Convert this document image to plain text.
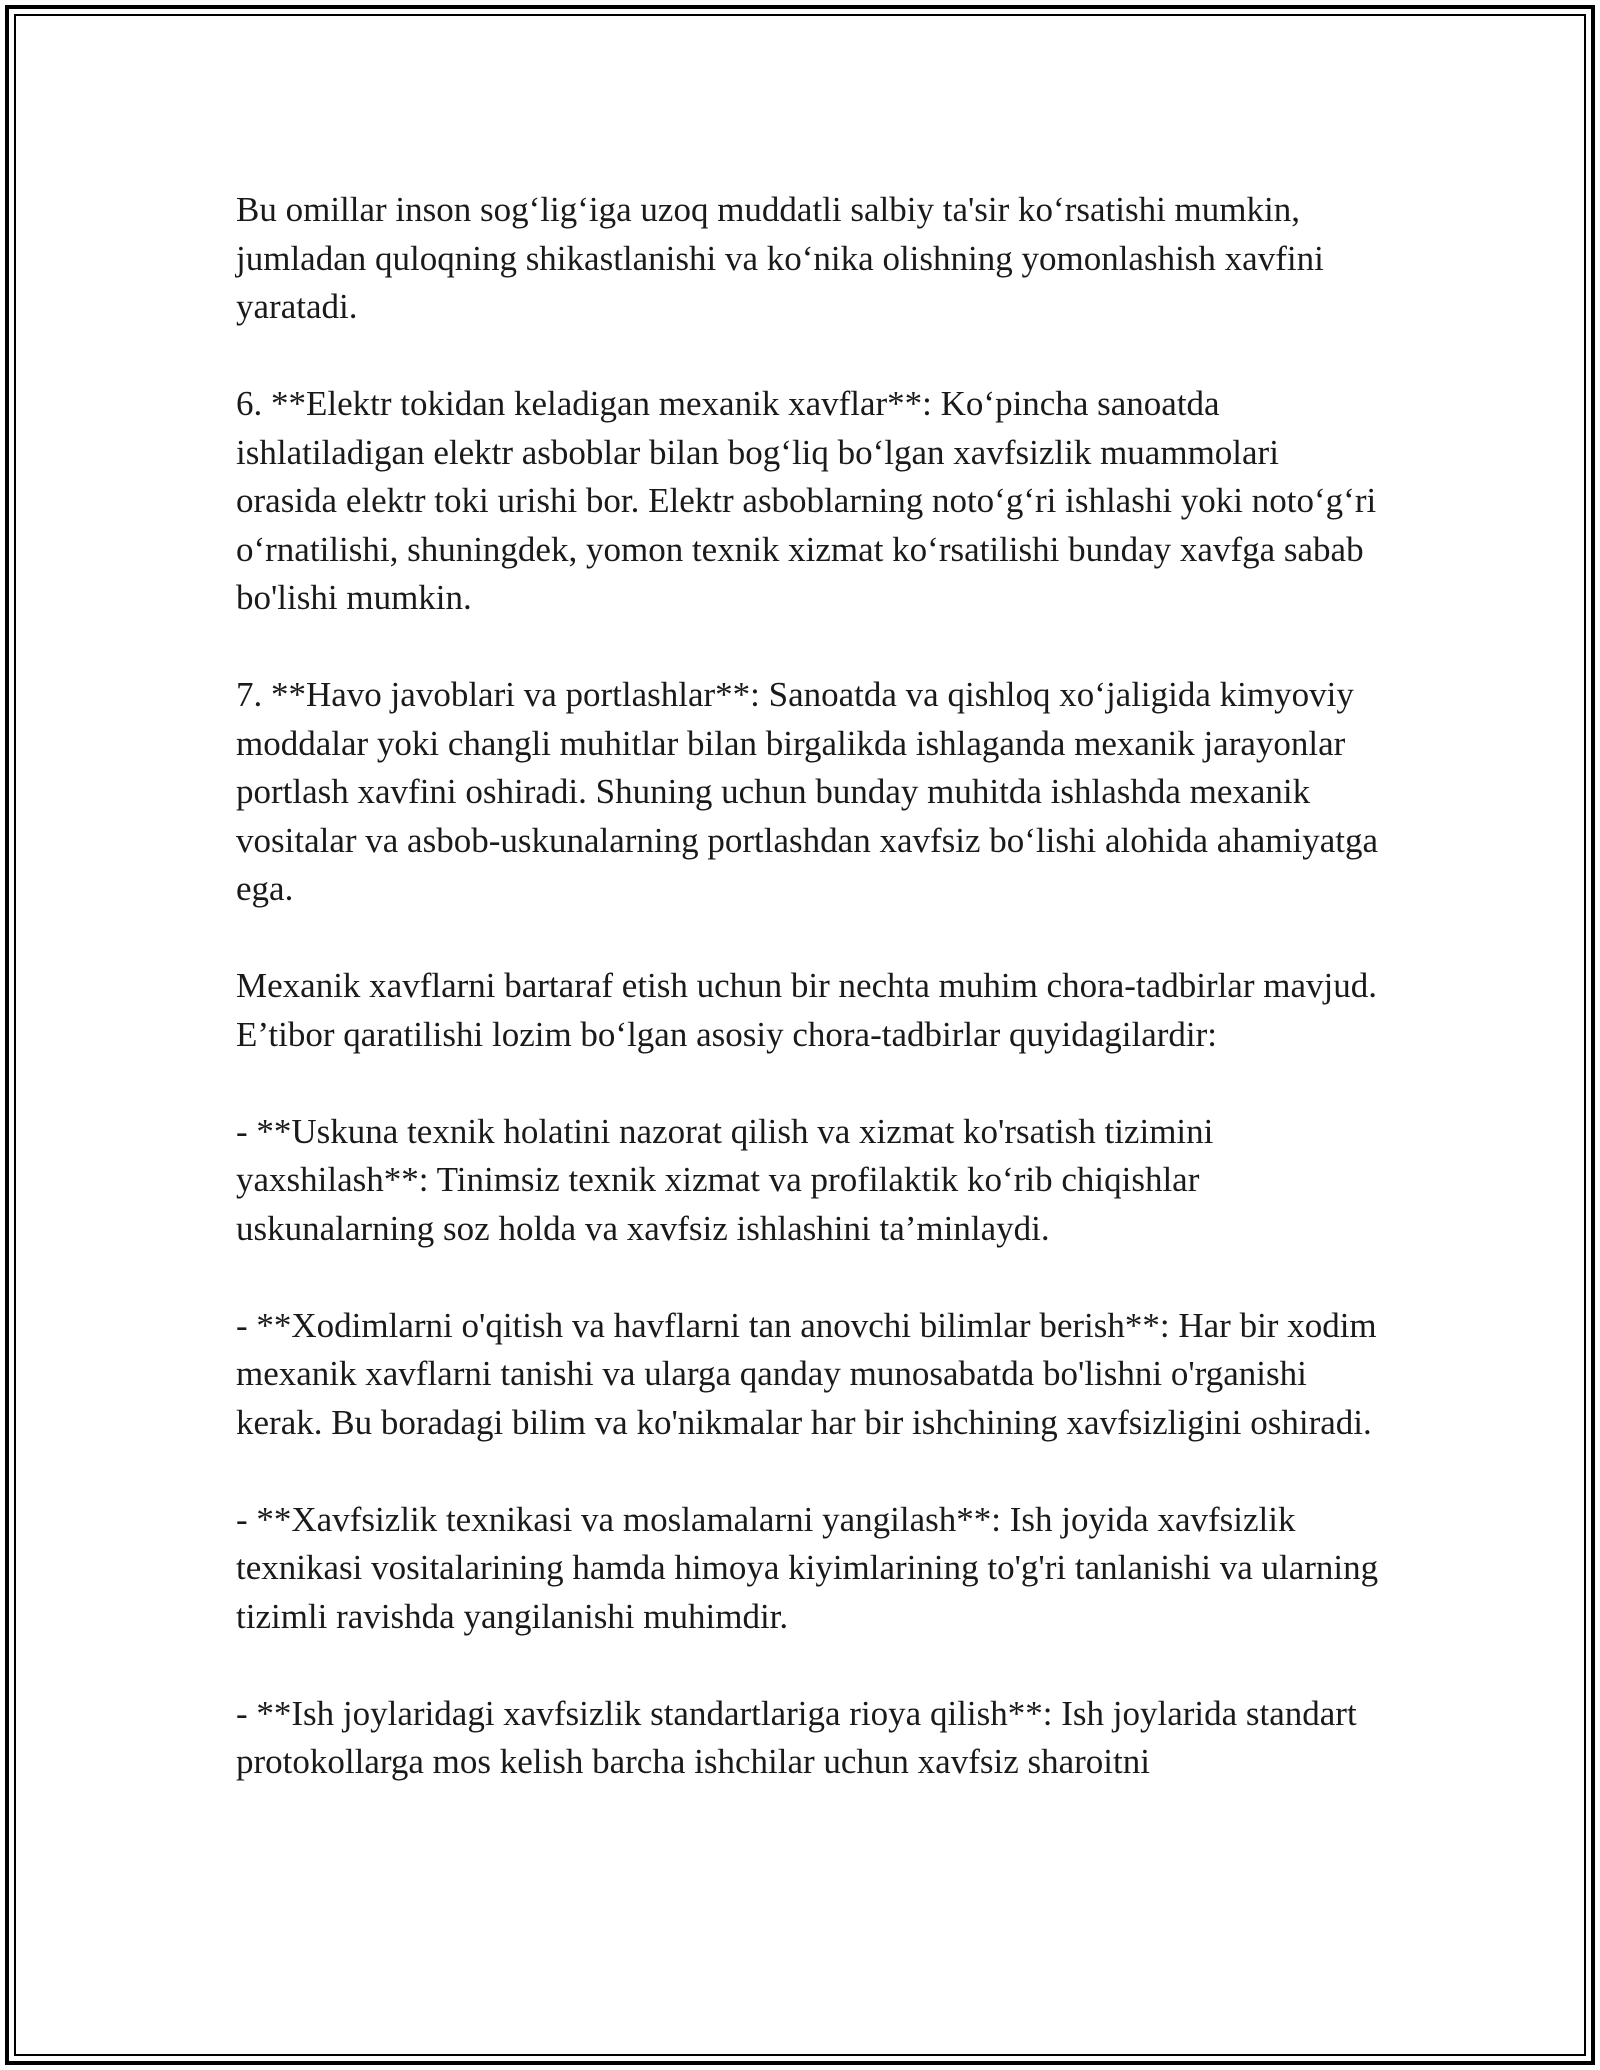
Bu omillar inson sog‘lig‘iga uzoq muddatli salbiy ta'sir ko‘rsatishi mumkin, jumladan quloqning shikastlanishi va ko‘nika olishning yomonlashish xavfini yaratadi.

6. **Elektr tokidan keladigan mexanik xavflar**: Ko‘pincha sanoatda ishlatiladigan elektr asboblar bilan bog‘liq bo‘lgan xavfsizlik muammolari orasida elektr toki urishi bor. Elektr asboblarning noto‘g‘ri ishlashi yoki noto‘g‘ri o‘rnatilishi, shuningdek, yomon texnik xizmat ko‘rsatilishi bunday xavfga sabab bo'lishi mumkin.

7. **Havo javoblari va portlashlar**: Sanoatda va qishloq xo‘jaligida kimyoviy moddalar yoki changli muhitlar bilan birgalikda ishlaganda mexanik jarayonlar portlash xavfini oshiradi. Shuning uchun bunday muhitda ishlashda mexanik vositalar va asbob-uskunalarning portlashdan xavfsiz bo‘lishi alohida ahamiyatga ega.

Mexanik xavflarni bartaraf etish uchun bir nechta muhim chora-tadbirlar mavjud. E’tibor qaratilishi lozim bo‘lgan asosiy chora-tadbirlar quyidagilardir:

- **Uskuna texnik holatini nazorat qilish va xizmat ko'rsatish tizimini yaxshilash**: Tinimsiz texnik xizmat va profilaktik ko‘rib chiqishlar uskunalarning soz holda va xavfsiz ishlashini ta’minlaydi.

- **Xodimlarni o'qitish va havflarni tan anovchi bilimlar berish**: Har bir xodim mexanik xavflarni tanishi va ularga qanday munosabatda bo'lishni o'rganishi kerak. Bu boradagi bilim va ko'nikmalar har bir ishchining xavfsizligini oshiradi.

- **Xavfsizlik texnikasi va moslamalarni yangilash**: Ish joyida xavfsizlik texnikasi vositalarining hamda himoya kiyimlarining to'g'ri tanlanishi va ularning tizimli ravishda yangilanishi muhimdir.

- **Ish joylaridagi xavfsizlik standartlariga rioya qilish**: Ish joylarida standart protokollarga mos kelish barcha ishchilar uchun xavfsiz sharoitni
